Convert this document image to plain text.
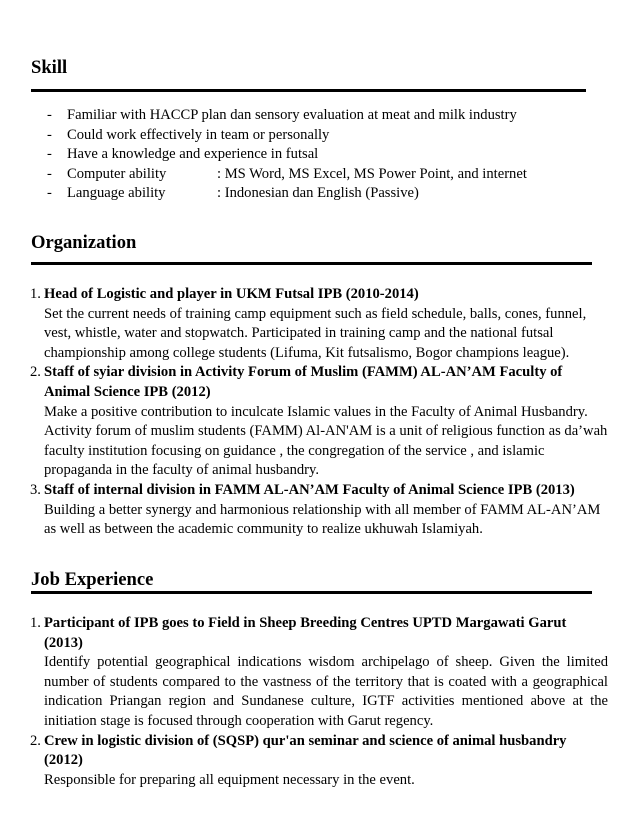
Skill
- Familiar with HACCP plan dan sensory evaluation at meat and milk industry
- Could work effectively in team or personally
- Have a knowledge and experience in futsal
- Computer ability	: MS Word, MS Excel, MS Power Point, and internet
- Language ability	: Indonesian dan English (Passive)
Organization
1. Head of Logistic and player in UKM Futsal IPB (2010-2014)
Set the current needs of training camp equipment such as field schedule, balls, cones, funnel, vest, whistle, water and stopwatch. Participated in training camp and the national futsal championship among college students (Lifuma, Kit futsalismo, Bogor champions league).
2. Staff of syiar division in Activity Forum of Muslim (FAMM) AL-AN’AM Faculty of Animal Science IPB (2012)
Make a positive contribution to inculcate Islamic values in the Faculty of Animal Husbandry. Activity forum of muslim students (FAMM) Al-AN'AM is a unit of religious function as da’wah faculty institution focusing on guidance , the congregation of the service , and islamic propaganda in the faculty of animal husbandry.
3. Staff of internal division in FAMM AL-AN’AM Faculty of Animal Science IPB (2013)
Building a better synergy and harmonious relationship with all member of FAMM AL-AN’AM as well as between the academic community to realize ukhuwah Islamiyah.
Job Experience
1. Participant of IPB goes to Field in Sheep Breeding Centres UPTD Margawati Garut (2013)
Identify potential geographical indications wisdom archipelago of sheep. Given the limited number of students compared to the vastness of the territory that is coated with a geographical indication Priangan region and Sundanese culture, IGTF activities mentioned above at the initiation stage is focused through cooperation with Garut regency.
2. Crew in logistic division of (SQSP) qur'an seminar and science of animal husbandry (2012)
Responsible for preparing all equipment necessary in the event.
